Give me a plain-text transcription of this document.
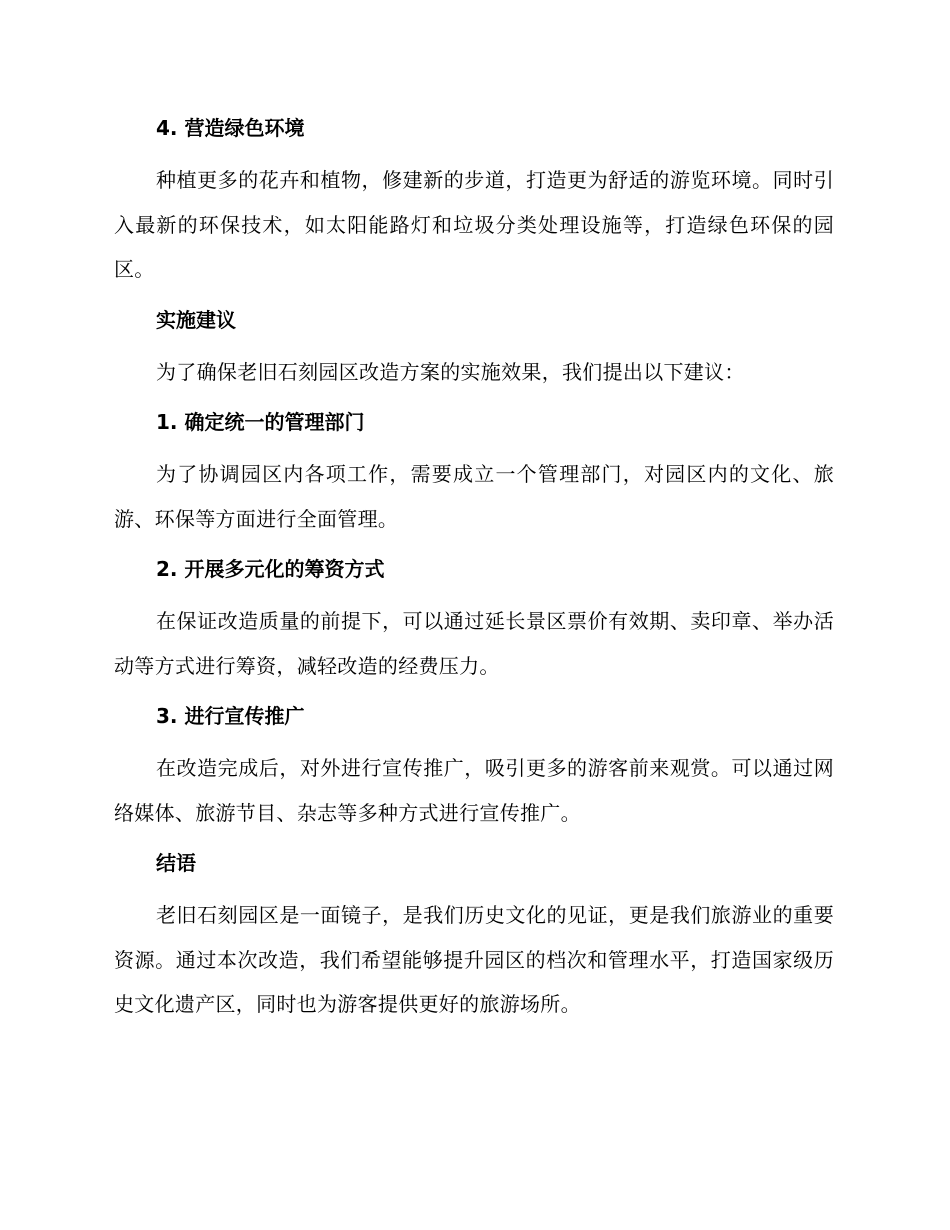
4. 营造绿色环境

种植更多的花卉和植物，修建新的步道，打造更为舒适的游览环境。同时引入最新的环保技术，如太阳能路灯和垃圾分类处理设施等，打造绿色环保的园区。

实施建议

为了确保老旧石刻园区改造方案的实施效果，我们提出以下建议：

1. 确定统一的管理部门

为了协调园区内各项工作，需要成立一个管理部门，对园区内的文化、旅游、环保等方面进行全面管理。

2. 开展多元化的筹资方式

在保证改造质量的前提下，可以通过延长景区票价有效期、卖印章、举办活动等方式进行筹资，减轻改造的经费压力。

3. 进行宣传推广

在改造完成后，对外进行宣传推广，吸引更多的游客前来观赏。可以通过网络媒体、旅游节目、杂志等多种方式进行宣传推广。

结语

老旧石刻园区是一面镜子，是我们历史文化的见证，更是我们旅游业的重要资源。通过本次改造，我们希望能够提升园区的档次和管理水平，打造国家级历史文化遗产区，同时也为游客提供更好的旅游场所。
